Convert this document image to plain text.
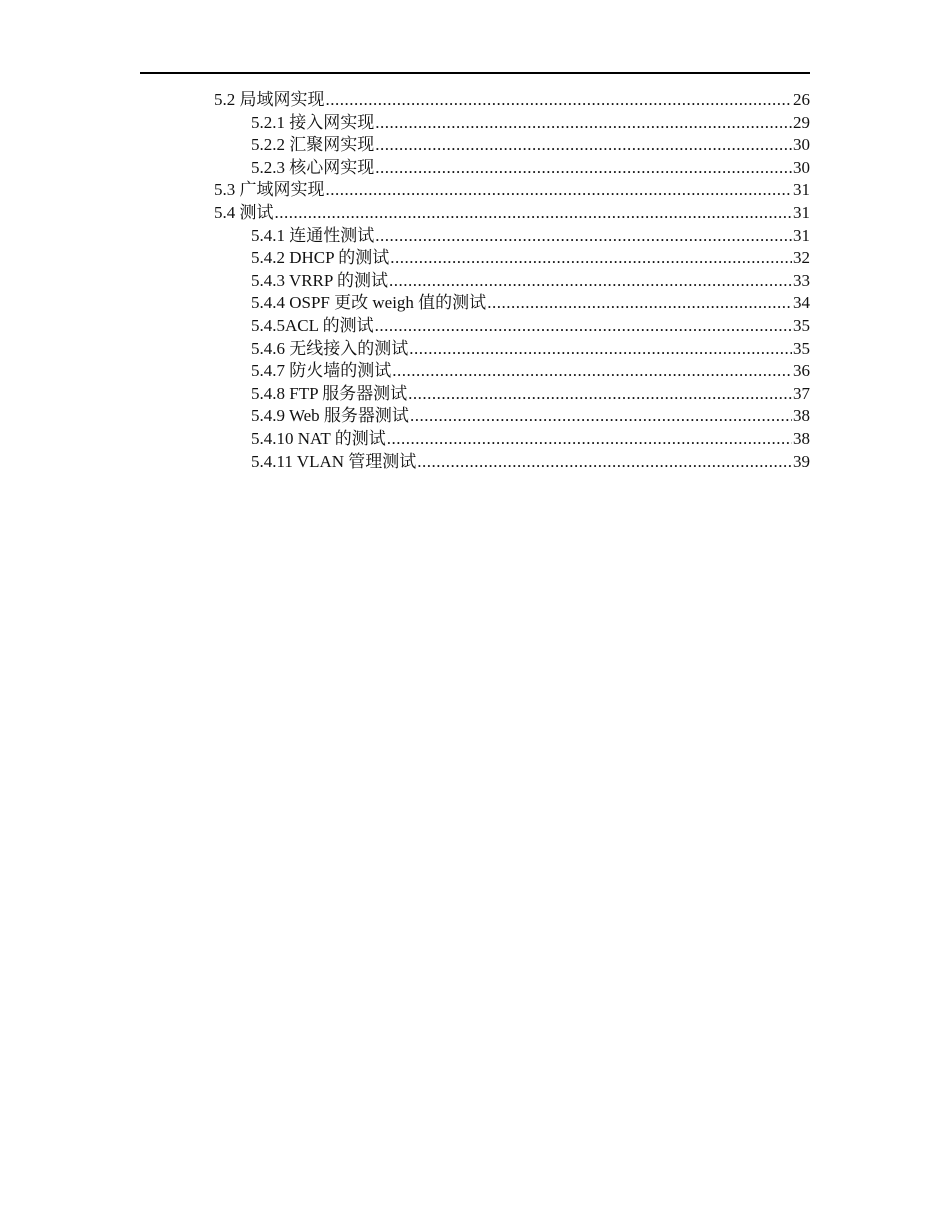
5.2 局域网实现 .....	26
5.2.1 接入网实现 .....	29
5.2.2 汇聚网实现 .....	30
5.2.3 核心网实现 .....	30
5.3 广域网实现 .....	31
5.4 测试 .....	31
5.4.1 连通性测试 .....	31
5.4.2 DHCP 的测试 .....	32
5.4.3 VRRP 的测试 .....	33
5.4.4 OSPF 更改 weigh 值的测试 .....	34
5.4.5ACL 的测试 .....	35
5.4.6 无线接入的测试 .....	35
5.4.7 防火墙的测试 .....	36
5.4.8 FTP 服务器测试 .....	37
5.4.9 Web 服务器测试 .....	38
5.4.10 NAT 的测试 .....	38
5.4.11 VLAN 管理测试 .....	39
